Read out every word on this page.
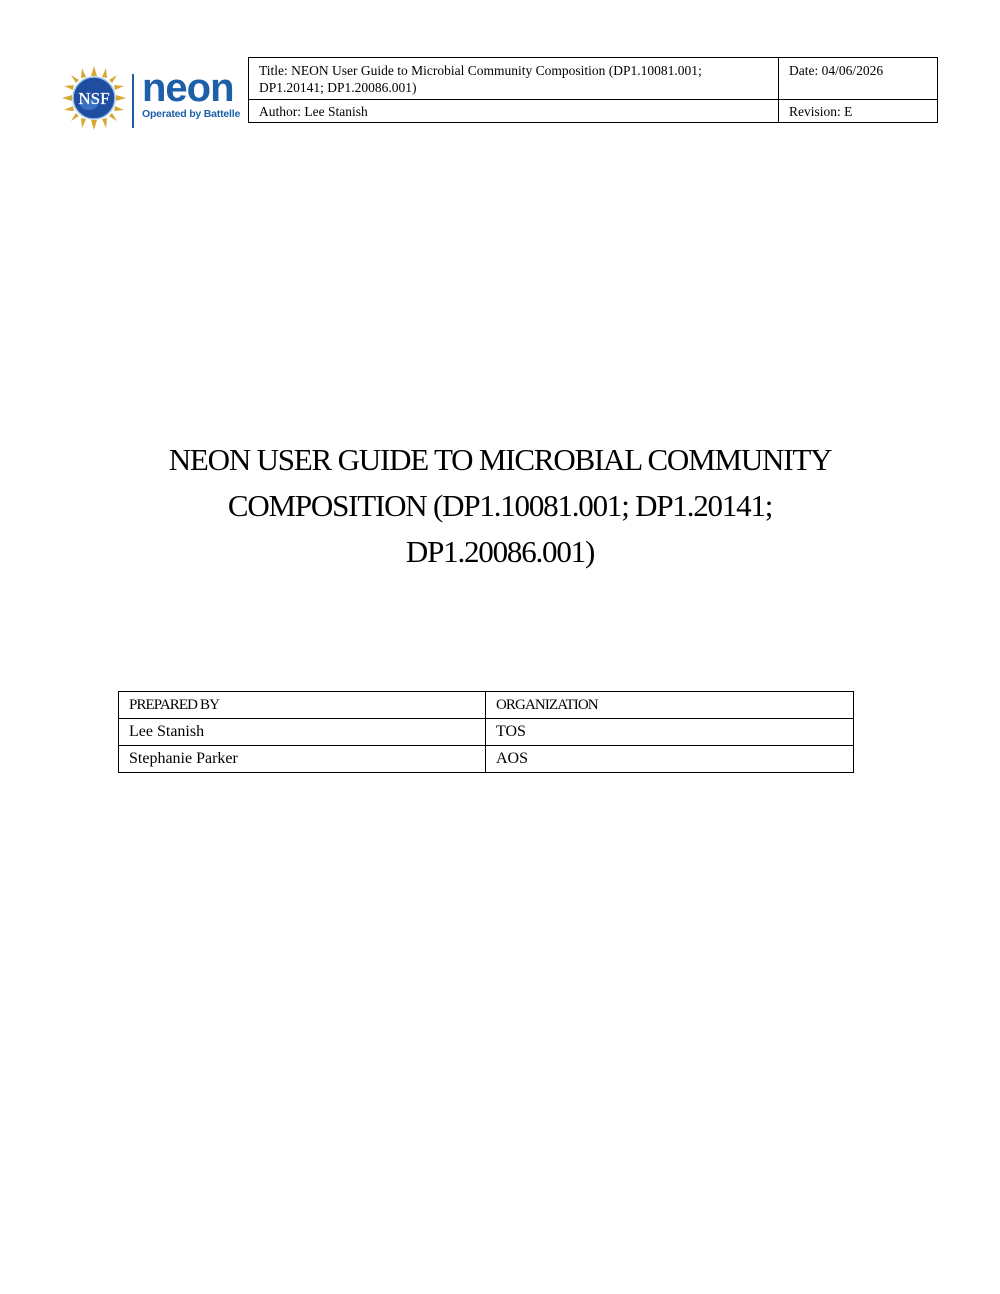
NSF neon
Operated by Battelle
Title: NEON User Guide to Microbial Community Composition (DP1.10081.001; DP1.20141; DP1.20086.001)	Date: 04/06/2026
Author: Lee Stanish	Revision: E
NEON USER GUIDE TO MICROBIAL COMMUNITY
COMPOSITION (DP1.10081.001; DP1.20141;
DP1.20086.001)
PREPARED BY	ORGANIZATION
Lee Stanish	TOS
Stephanie Parker	AOS
